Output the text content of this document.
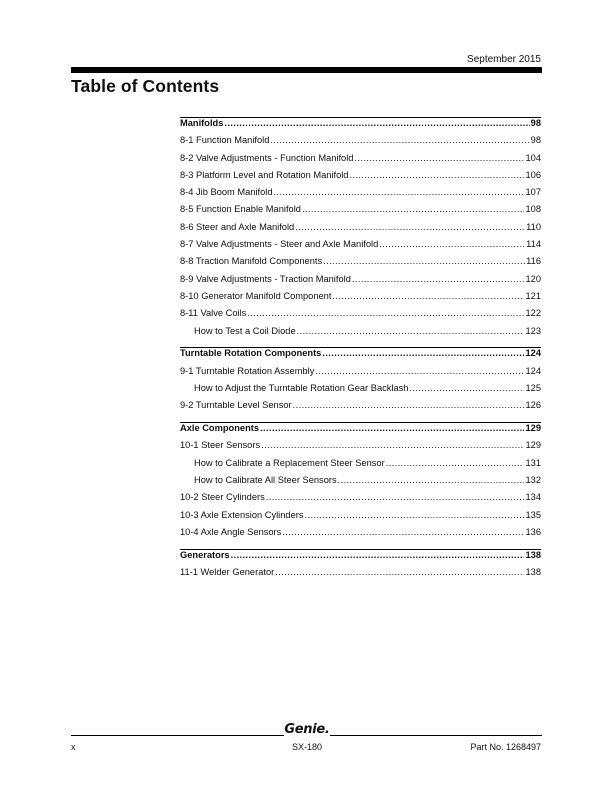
September 2015
Table of Contents
Manifolds .....	98
8-1 Function Manifold .....	98
8-2 Valve Adjustments - Function Manifold .....	104
8-3 Platform Level and Rotation Manifold .....	106
8-4 Jib Boom Manifold .....	107
8-5 Function Enable Manifold .....	108
8-6 Steer and Axle Manifold .....	110
8-7 Valve Adjustments - Steer and Axle Manifold .....	114
8-8 Traction Manifold Components .....	116
8-9 Valve Adjustments - Traction Manifold .....	120
8-10 Generator Manifold Component .....	121
8-11 Valve Coils .....	122
How to Test a Coil Diode .....	123
Turntable Rotation Components .....	124
9-1 Turntable Rotation Assembly .....	124
How to Adjust the Turntable Rotation Gear Backlash .....	125
9-2 Turntable Level Sensor .....	126
Axle Components .....	129
10-1 Steer Sensors .....	129
How to Calibrate a Replacement Steer Sensor .....	131
How to Calibrate All Steer Sensors .....	132
10-2 Steer Cylinders .....	134
10-3 Axle Extension Cylinders .....	135
10-4 Axle Angle Sensors .....	136
Generators .....	138
11-1 Welder Generator .....	138
Genie.
x	SX-180	Part No. 1268497
